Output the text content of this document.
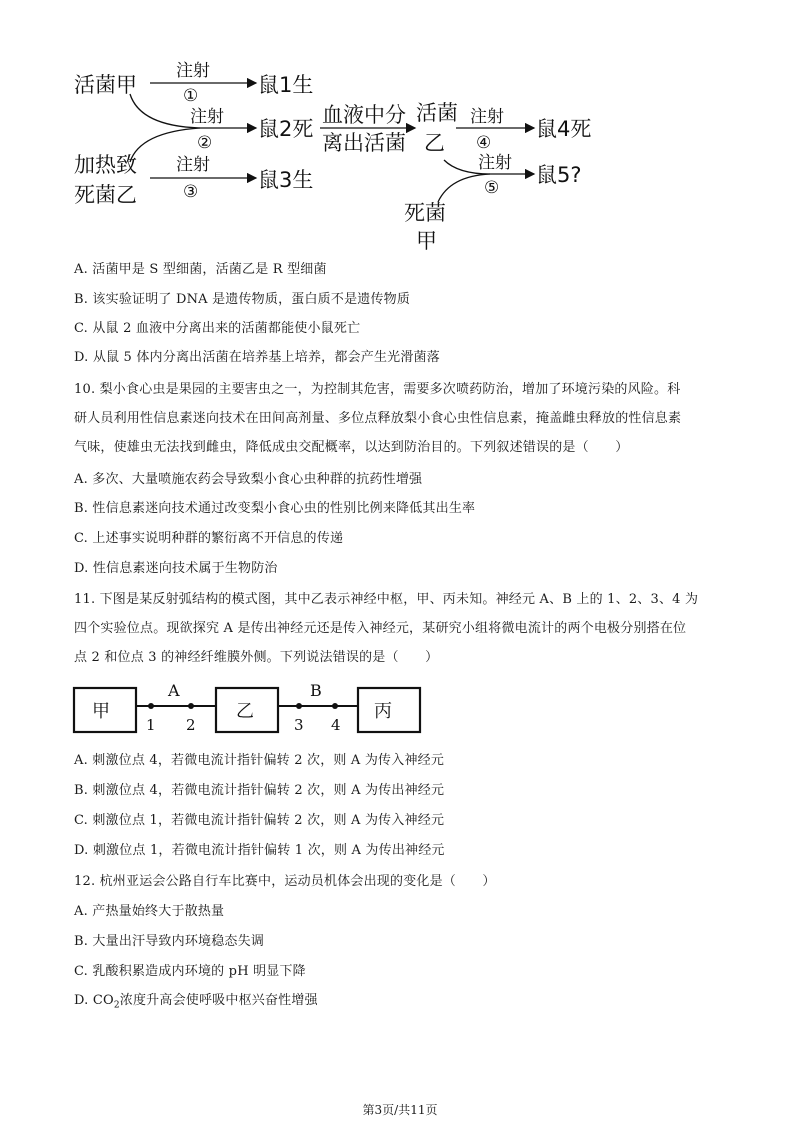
活菌甲
注射
①	鼠1生
注射
②
鼠2死
血液中分
离出活菌
活菌
乙
注射
④
鼠4死
注射
⑤
鼠5?
加热致
死菌乙
注射
③	鼠3生
死菌
甲
A. 活菌甲是 S 型细菌，活菌乙是 R 型细菌
B. 该实验证明了 DNA 是遗传物质，蛋白质不是遗传物质
C. 从鼠 2 血液中分离出来的活菌都能使小鼠死亡
D. 从鼠 5 体内分离出活菌在培养基上培养，都会产生光滑菌落
10. 梨小食心虫是果园的主要害虫之一，为控制其危害，需要多次喷药防治，增加了环境污染的风险。科
研人员利用性信息素迷向技术在田间高剂量、多位点释放梨小食心虫性信息素，掩盖雌虫释放的性信息素
气味，使雄虫无法找到雌虫，降低成虫交配概率，以达到防治目的。下列叙述错误的是（　　）
A. 多次、大量喷施农药会导致梨小食心虫种群的抗药性增强
B. 性信息素迷向技术通过改变梨小食心虫的性别比例来降低其出生率
C. 上述事实说明种群的繁衍离不开信息的传递
D. 性信息素迷向技术属于生物防治
11. 下图是某反射弧结构的模式图，其中乙表示神经中枢，甲、丙未知。神经元 A、B 上的 1、2、3、4 为
四个实验位点。现欲探究 A 是传出神经元还是传入神经元，某研究小组将微电流计的两个电极分别搭在位
点 2 和位点 3 的神经纤维膜外侧。下列说法错误的是（　　）
甲	乙	丙
A	B
1 2	3 4
A. 刺激位点 4，若微电流计指针偏转 2 次，则 A 为传入神经元
B. 刺激位点 4，若微电流计指针偏转 2 次，则 A 为传出神经元
C. 刺激位点 1，若微电流计指针偏转 2 次，则 A 为传入神经元
D. 刺激位点 1，若微电流计指针偏转 1 次，则 A 为传出神经元
12. 杭州亚运会公路自行车比赛中，运动员机体会出现的变化是（　　）
A. 产热量始终大于散热量
B. 大量出汗导致内环境稳态失调
C. 乳酸积累造成内环境的 pH 明显下降
D. $CO_2$浓度升高会使呼吸中枢兴奋性增强
第3页/共11页
